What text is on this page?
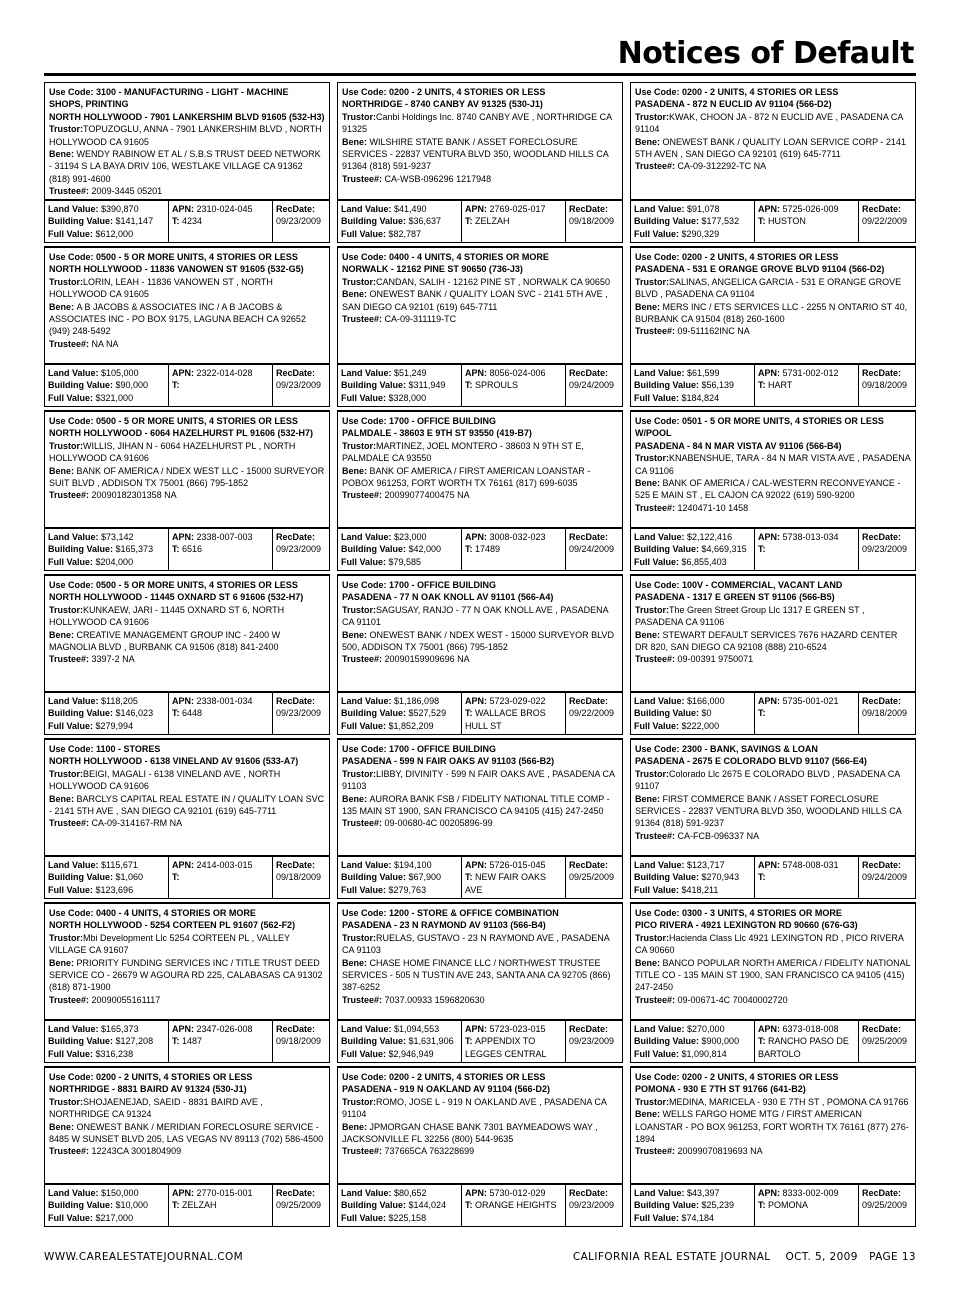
Notices of Default
Use Code: 3100 - MANUFACTURING - LIGHT - MACHINE SHOPS, PRINTING
NORTH HOLLYWOOD - 7901 LANKERSHIM BLVD 91605 (532-H3)
Trustor:TOPUZOGLU, ANNA - 7901 LANKERSHIM BLVD , NORTH HOLLYWOOD CA 91605
Bene: WENDY RABINOW ET AL / S.B.S TRUST DEED NETWORK - 31194 S LA BAYA DRIV 106, WESTLAKE VILLAGE CA 91362 (818) 991-4600
Trustee#: 2009-3445 05201
Land Value: $390,870
Building Value: $141,147
Full Value: $612,000
APN: 2310-024-045
T: 4234
RecDate:
09/23/2009
Use Code: 0500 - 5 OR MORE UNITS, 4 STORIES OR LESS
NORTH HOLLYWOOD - 11836 VANOWEN ST 91605 (532-G5)
Trustor:LORIN, LEAH - 11836 VANOWEN ST , NORTH HOLLYWOOD CA 91605
Bene: A B JACOBS & ASSOCIATES INC / A B JACOBS & ASSOCIATES INC - PO BOX 9175, LAGUNA BEACH CA 92652 (949) 248-5492
Trustee#: NA NA
Land Value: $105,000
Building Value: $90,000
Full Value: $321,000
APN: 2322-014-028
T:
RecDate:
09/23/2009
Use Code: 0500 - 5 OR MORE UNITS, 4 STORIES OR LESS
NORTH HOLLYWOOD - 6064 HAZELHURST PL 91606 (532-H7)
Trustor:WILLIS, JIHAN N - 6064 HAZELHURST PL , NORTH HOLLYWOOD CA 91606
Bene: BANK OF AMERICA / NDEX WEST LLC - 15000 SURVEYOR SUIT BLVD , ADDISON TX 75001 (866) 795-1852
Trustee#: 20090182301358 NA
Land Value: $73,142
Building Value: $165,373
Full Value: $204,000
APN: 2338-007-003
T: 6516
RecDate:
09/23/2009
Use Code: 0500 - 5 OR MORE UNITS, 4 STORIES OR LESS
NORTH HOLLYWOOD - 11445 OXNARD ST 6 91606 (532-H7)
Trustor:KUNKAEW, JARI - 11445 OXNARD ST 6, NORTH HOLLYWOOD CA 91606
Bene: CREATIVE MANAGEMENT GROUP INC - 2400 W MAGNOLIA BLVD , BURBANK CA 91506 (818) 841-2400
Trustee#: 3397-2 NA
Land Value: $118,205
Building Value: $146,023
Full Value: $279,994
APN: 2338-001-034
T: 6448
RecDate:
09/23/2009
Use Code: 1100 - STORES
NORTH HOLLYWOOD - 6138 VINELAND AV 91606 (533-A7)
Trustor:BEIGI, MAGALI - 6138 VINELAND AVE , NORTH HOLLYWOOD CA 91606
Bene: BARCLYS CAPITAL REAL ESTATE IN / QUALITY LOAN SVC - 2141 5TH AVE , SAN DIEGO CA 92101 (619) 645-7711
Trustee#: CA-09-314167-RM NA
Land Value: $115,671
Building Value: $1,060
Full Value: $123,696
APN: 2414-003-015
T:
RecDate:
09/18/2009
Use Code: 0400 - 4 UNITS, 4 STORIES OR MORE
NORTH HOLLYWOOD - 5254 CORTEEN PL 91607 (562-F2)
Trustor:Mbi Development Llc 5254 CORTEEN PL , VALLEY VILLAGE CA 91607
Bene: PRIORITY FUNDING SERVICES INC / TITLE TRUST DEED SERVICE CO - 26679 W AGOURA RD 225, CALABASAS CA 91302 (818) 871-1900
Trustee#: 20090055161117
Land Value: $165,373
Building Value: $127,208
Full Value: $316,238
APN: 2347-026-008
T: 1487
RecDate:
09/18/2009
Use Code: 0200 - 2 UNITS, 4 STORIES OR LESS
NORTHRIDGE - 8831 BAIRD AV 91324 (530-J1)
Trustor:SHOJAENEJAD, SAEID - 8831 BAIRD AVE , NORTHRIDGE CA 91324
Bene: ONEWEST BANK / MERIDIAN FORECLOSURE SERVICE - 8485 W SUNSET BLVD 205, LAS VEGAS NV 89113 (702) 586-4500
Trustee#: 12243CA 3001804909
Land Value: $150,000
Building Value: $10,000
Full Value: $217,000
APN: 2770-015-001
T: ZELZAH
RecDate:
09/25/2009
Use Code: 0200 - 2 UNITS, 4 STORIES OR LESS
NORTHRIDGE - 8740 CANBY AV 91325 (530-J1)
Trustor:Canbi Holdings Inc. 8740 CANBY AVE , NORTHRIDGE CA 91325
Bene: WILSHIRE STATE BANK / ASSET FORECLOSURE SERVICES - 22837 VENTURA BLVD 350, WOODLAND HILLS CA 91364 (818) 591-9237
Trustee#: CA-WSB-096296 1217948
Land Value: $41,490
Building Value: $36,637
Full Value: $82,787
APN: 2769-025-017
T: ZELZAH
RecDate:
09/18/2009
Use Code: 0400 - 4 UNITS, 4 STORIES OR MORE
NORWALK - 12162 PINE ST 90650 (736-J3)
Trustor:CANDAN, SALIH - 12162 PINE ST , NORWALK CA 90650
Bene: ONEWEST BANK / QUALITY LOAN SVC - 2141 5TH AVE , SAN DIEGO CA 92101 (619) 645-7711
Trustee#: CA-09-311119-TC
Land Value: $51,249
Building Value: $311,949
Full Value: $328,000
APN: 8056-024-006
T: SPROULS
RecDate:
09/24/2009
Use Code: 1700 - OFFICE BUILDING
PALMDALE - 38603 E 9TH ST 93550 (419-B7)
Trustor:MARTINEZ, JOEL MONTERO - 38603 N 9TH ST E, PALMDALE CA 93550
Bene: BANK OF AMERICA / FIRST AMERICAN LOANSTAR - POBOX 961253, FORT WORTH TX 76161 (817) 699-6035
Trustee#: 20099077400475 NA
Land Value: $23,000
Building Value: $42,000
Full Value: $79,585
APN: 3008-032-023
T: 17489
RecDate:
09/24/2009
Use Code: 1700 - OFFICE BUILDING
PASADENA - 77 N OAK KNOLL AV 91101 (566-A4)
Trustor:SAGUSAY, RANJO - 77 N OAK KNOLL AVE , PASADENA CA 91101
Bene: ONEWEST BANK / NDEX WEST - 15000 SURVEYOR BLVD 500, ADDISON TX 75001 (866) 795-1852
Trustee#: 20090159909696 NA
Land Value: $1,186,098
Building Value: $527,529
Full Value: $1,852,209
APN: 5723-029-022
T: WALLACE BROS HULL ST
RecDate:
09/22/2009
Use Code: 1700 - OFFICE BUILDING
PASADENA - 599 N FAIR OAKS AV 91103 (566-B2)
Trustor:LIBBY, DIVINITY - 599 N FAIR OAKS AVE , PASADENA CA 91103
Bene: AURORA BANK FSB / FIDELITY NATIONAL TITLE COMP - 135 MAIN ST 1900, SAN FRANCISCO CA 94105 (415) 247-2450
Trustee#: 09-00680-4C 00205896-99
Land Value: $194,100
Building Value: $67,900
Full Value: $279,763
APN: 5726-015-045
T: NEW FAIR OAKS AVE
RecDate:
09/25/2009
Use Code: 1200 - STORE & OFFICE COMBINATION
PASADENA - 23 N RAYMOND AV 91103 (566-B4)
Trustor:RUELAS, GUSTAVO - 23 N RAYMOND AVE , PASADENA CA 91103
Bene: CHASE HOME FINANCE LLC / NORTHWEST TRUSTEE SERVICES - 505 N TUSTIN AVE 243, SANTA ANA CA 92705 (866) 387-6252
Trustee#: 7037.00933 1596820630
Land Value: $1,094,553
Building Value: $1,631,906
Full Value: $2,946,949
APN: 5723-023-015
T: APPENDIX TO LEGGES CENTRAL
RecDate:
09/23/2009
Use Code: 0200 - 2 UNITS, 4 STORIES OR LESS
PASADENA - 919 N OAKLAND AV 91104 (566-D2)
Trustor:ROMO, JOSE L - 919 N OAKLAND AVE , PASADENA CA 91104
Bene: JPMORGAN CHASE BANK 7301 BAYMEADOWS WAY , JACKSONVILLE FL 32256 (800) 544-9635
Trustee#: 737665CA 763228699
Land Value: $80,652
Building Value: $144,024
Full Value: $225,158
APN: 5730-012-029
T: ORANGE HEIGHTS
RecDate:
09/23/2009
Use Code: 0200 - 2 UNITS, 4 STORIES OR LESS
PASADENA - 872 N EUCLID AV 91104 (566-D2)
Trustor:KWAK, CHOON JA - 872 N EUCLID AVE , PASADENA CA 91104
Bene: ONEWEST BANK / QUALITY LOAN SERVICE CORP - 2141 5TH AVEN , SAN DIEGO CA 92101 (619) 645-7711
Trustee#: CA-09-312292-TC NA
Land Value: $91,078
Building Value: $177,532
Full Value: $290,329
APN: 5725-026-009
T: HUSTON
RecDate:
09/22/2009
Use Code: 0200 - 2 UNITS, 4 STORIES OR LESS
PASADENA - 531 E ORANGE GROVE BLVD 91104 (566-D2)
Trustor:SALINAS, ANGELICA GARCIA - 531 E ORANGE GROVE BLVD , PASADENA CA 91104
Bene: MERS INC / ETS SERVICES LLC - 2255 N ONTARIO ST 40, BURBANK CA 91504 (818) 260-1600
Trustee#: 09-511162INC NA
Land Value: $61,599
Building Value: $56,139
Full Value: $184,824
APN: 5731-002-012
T: HART
RecDate:
09/18/2009
Use Code: 0501 - 5 OR MORE UNITS, 4 STORIES OR LESS W/POOL
PASADENA - 84 N MAR VISTA AV 91106 (566-B4)
Trustor:KNABENSHUE, TARA - 84 N MAR VISTA AVE , PASADENA CA 91106
Bene: BANK OF AMERICA / CAL-WESTERN RECONVEYANCE - 525 E MAIN ST , EL CAJON CA 92022 (619) 590-9200
Trustee#: 1240471-10 1458
Land Value: $2,122,416
Building Value: $4,669,315
Full Value: $6,855,403
APN: 5738-013-034
T:
RecDate:
09/23/2009
Use Code: 100V - COMMERCIAL, VACANT LAND
PASADENA - 1317 E GREEN ST 91106 (566-B5)
Trustor:The Green Street Group Llc 1317 E GREEN ST , PASADENA CA 91106
Bene: STEWART DEFAULT SERVICES 7676 HAZARD CENTER DR 820, SAN DIEGO CA 92108 (888) 210-6524
Trustee#: 09-00391 9750071
Land Value: $166,000
Building Value: $0
Full Value: $222,000
APN: 5735-001-021
T:
RecDate:
09/18/2009
Use Code: 2300 - BANK, SAVINGS & LOAN
PASADENA - 2675 E COLORADO BLVD 91107 (566-E4)
Trustor:Colorado Llc 2675 E COLORADO BLVD , PASADENA CA 91107
Bene: FIRST COMMERCE BANK / ASSET FORECLOSURE SERVICES - 22837 VENTURA BLVD 350, WOODLAND HILLS CA 91364 (818) 591-9237
Trustee#: CA-FCB-096337 NA
Land Value: $123,717
Building Value: $270,943
Full Value: $418,211
APN: 5748-008-031
T:
RecDate:
09/24/2009
Use Code: 0300 - 3 UNITS, 4 STORIES OR MORE
PICO RIVERA - 4921 LEXINGTON RD 90660 (676-G3)
Trustor:Hacienda Class Llc 4921 LEXINGTON RD , PICO RIVERA CA 90660
Bene: BANCO POPULAR NORTH AMERICA / FIDELITY NATIONAL TITLE CO - 135 MAIN ST 1900, SAN FRANCISCO CA 94105 (415) 247-2450
Trustee#: 09-00671-4C 70040002720
Land Value: $270,000
Building Value: $900,000
Full Value: $1,090,814
APN: 6373-018-008
T: RANCHO PASO DE BARTOLO
RecDate:
09/25/2009
Use Code: 0200 - 2 UNITS, 4 STORIES OR LESS
POMONA - 930 E 7TH ST 91766 (641-B2)
Trustor:MEDINA, MARICELA - 930 E 7TH ST , POMONA CA 91766
Bene: WELLS FARGO HOME MTG / FIRST AMERICAN LOANSTAR - PO BOX 961253, FORT WORTH TX 76161 (877) 276-1894
Trustee#: 20099070819693 NA
Land Value: $43,397
Building Value: $25,239
Full Value: $74,184
APN: 8333-002-009
T: POMONA
RecDate:
09/25/2009
WWW.CAREALESTATEJOURNAL.COM	CALIFORNIA REAL ESTATE JOURNAL OCT. 5, 2009 PAGE 13
